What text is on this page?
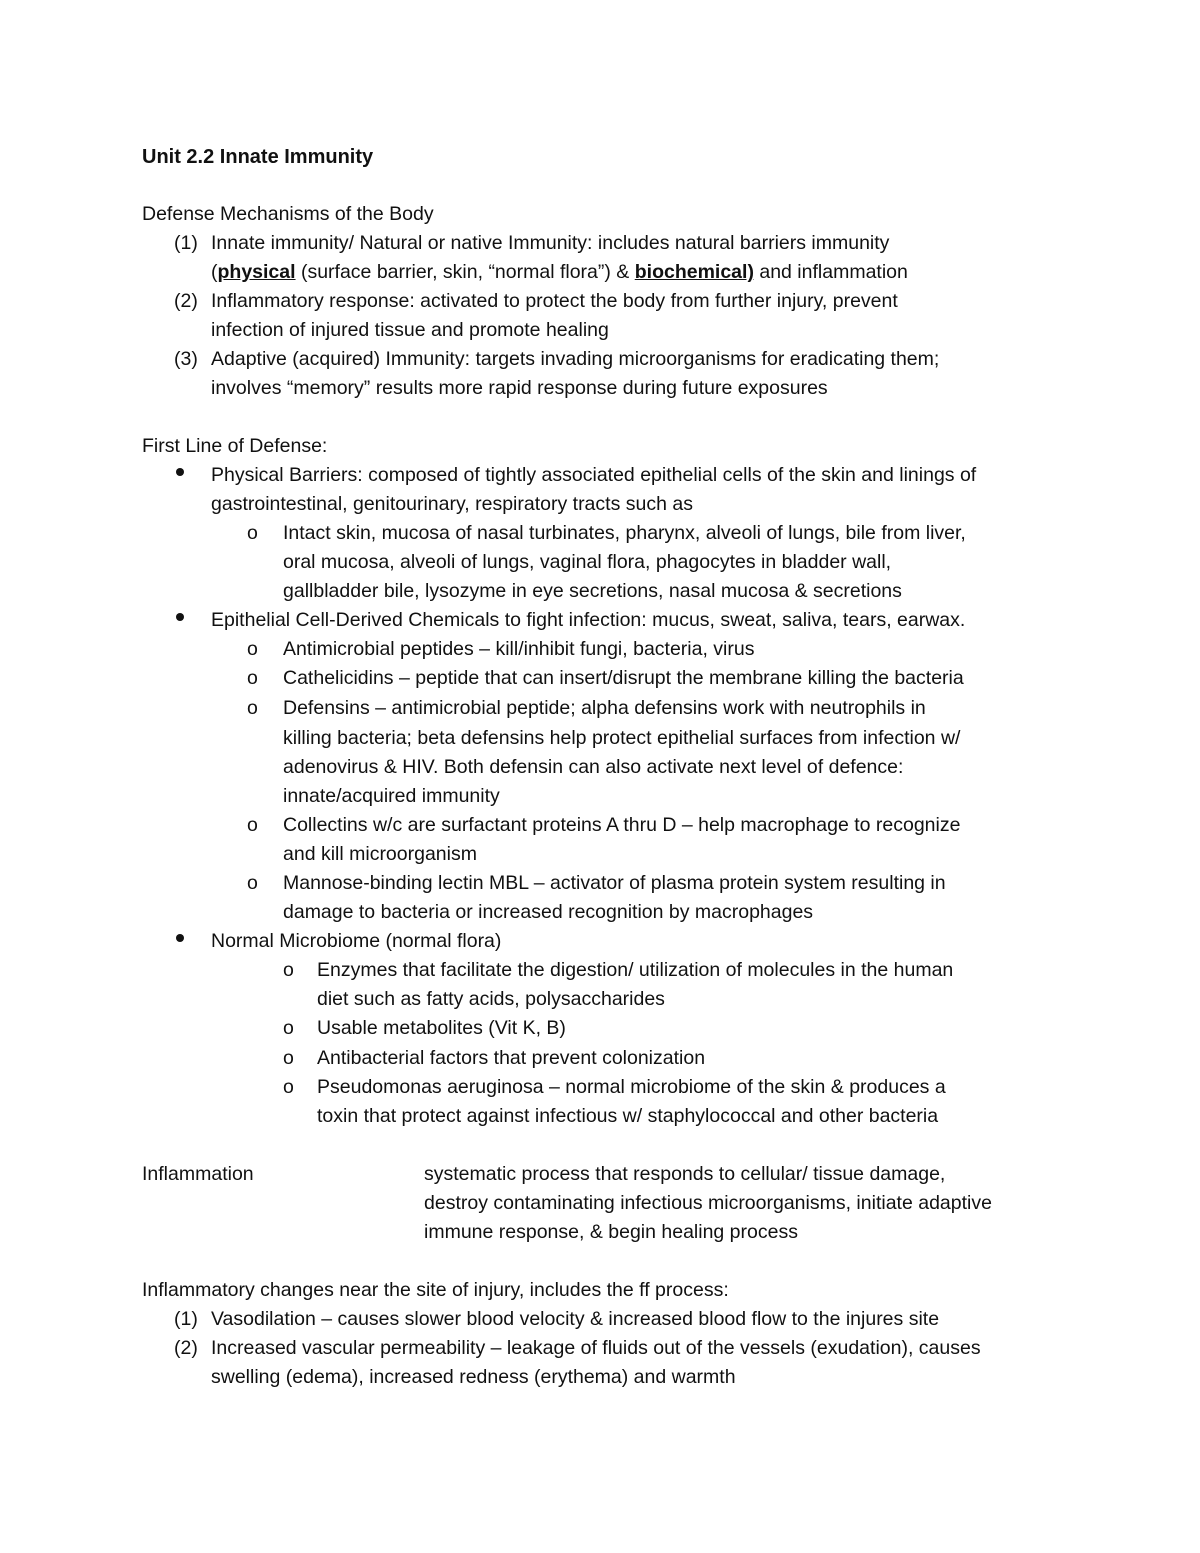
Unit 2.2 Innate Immunity
Defense Mechanisms of the Body
(1) Innate immunity/ Natural or native Immunity: includes natural barriers immunity
(physical (surface barrier, skin, “normal flora”) & biochemical) and inflammation
(2) Inflammatory response: activated to protect the body from further injury, prevent
infection of injured tissue and promote healing
(3) Adaptive (acquired) Immunity: targets invading microorganisms for eradicating them;
involves “memory” results more rapid response during future exposures
First Line of Defense:
Physical Barriers: composed of tightly associated epithelial cells of the skin and linings of
gastrointestinal, genitourinary, respiratory tracts such as
o Intact skin, mucosa of nasal turbinates, pharynx, alveoli of lungs, bile from liver,
oral mucosa, alveoli of lungs, vaginal flora, phagocytes in bladder wall,
gallbladder bile, lysozyme in eye secretions, nasal mucosa & secretions
Epithelial Cell-Derived Chemicals to fight infection: mucus, sweat, saliva, tears, earwax.
o Antimicrobial peptides – kill/inhibit fungi, bacteria, virus
o Cathelicidins – peptide that can insert/disrupt the membrane killing the bacteria
o Defensins – antimicrobial peptide; alpha defensins work with neutrophils in
killing bacteria; beta defensins help protect epithelial surfaces from infection w/
adenovirus & HIV. Both defensin can also activate next level of defence:
innate/acquired immunity
o Collectins w/c are surfactant proteins A thru D – help macrophage to recognize
and kill microorganism
o Mannose-binding lectin MBL – activator of plasma protein system resulting in
damage to bacteria or increased recognition by macrophages
Normal Microbiome (normal flora)
o Enzymes that facilitate the digestion/ utilization of molecules in the human
diet such as fatty acids, polysaccharides
o Usable metabolites (Vit K, B)
o Antibacterial factors that prevent colonization
o Pseudomonas aeruginosa – normal microbiome of the skin & produces a
toxin that protect against infectious w/ staphylococcal and other bacteria
Inflammation	systematic process that responds to cellular/ tissue damage,
destroy contaminating infectious microorganisms, initiate adaptive
immune response, & begin healing process
Inflammatory changes near the site of injury, includes the ff process:
(1) Vasodilation – causes slower blood velocity & increased blood flow to the injures site
(2) Increased vascular permeability – leakage of fluids out of the vessels (exudation), causes
swelling (edema), increased redness (erythema) and warmth
